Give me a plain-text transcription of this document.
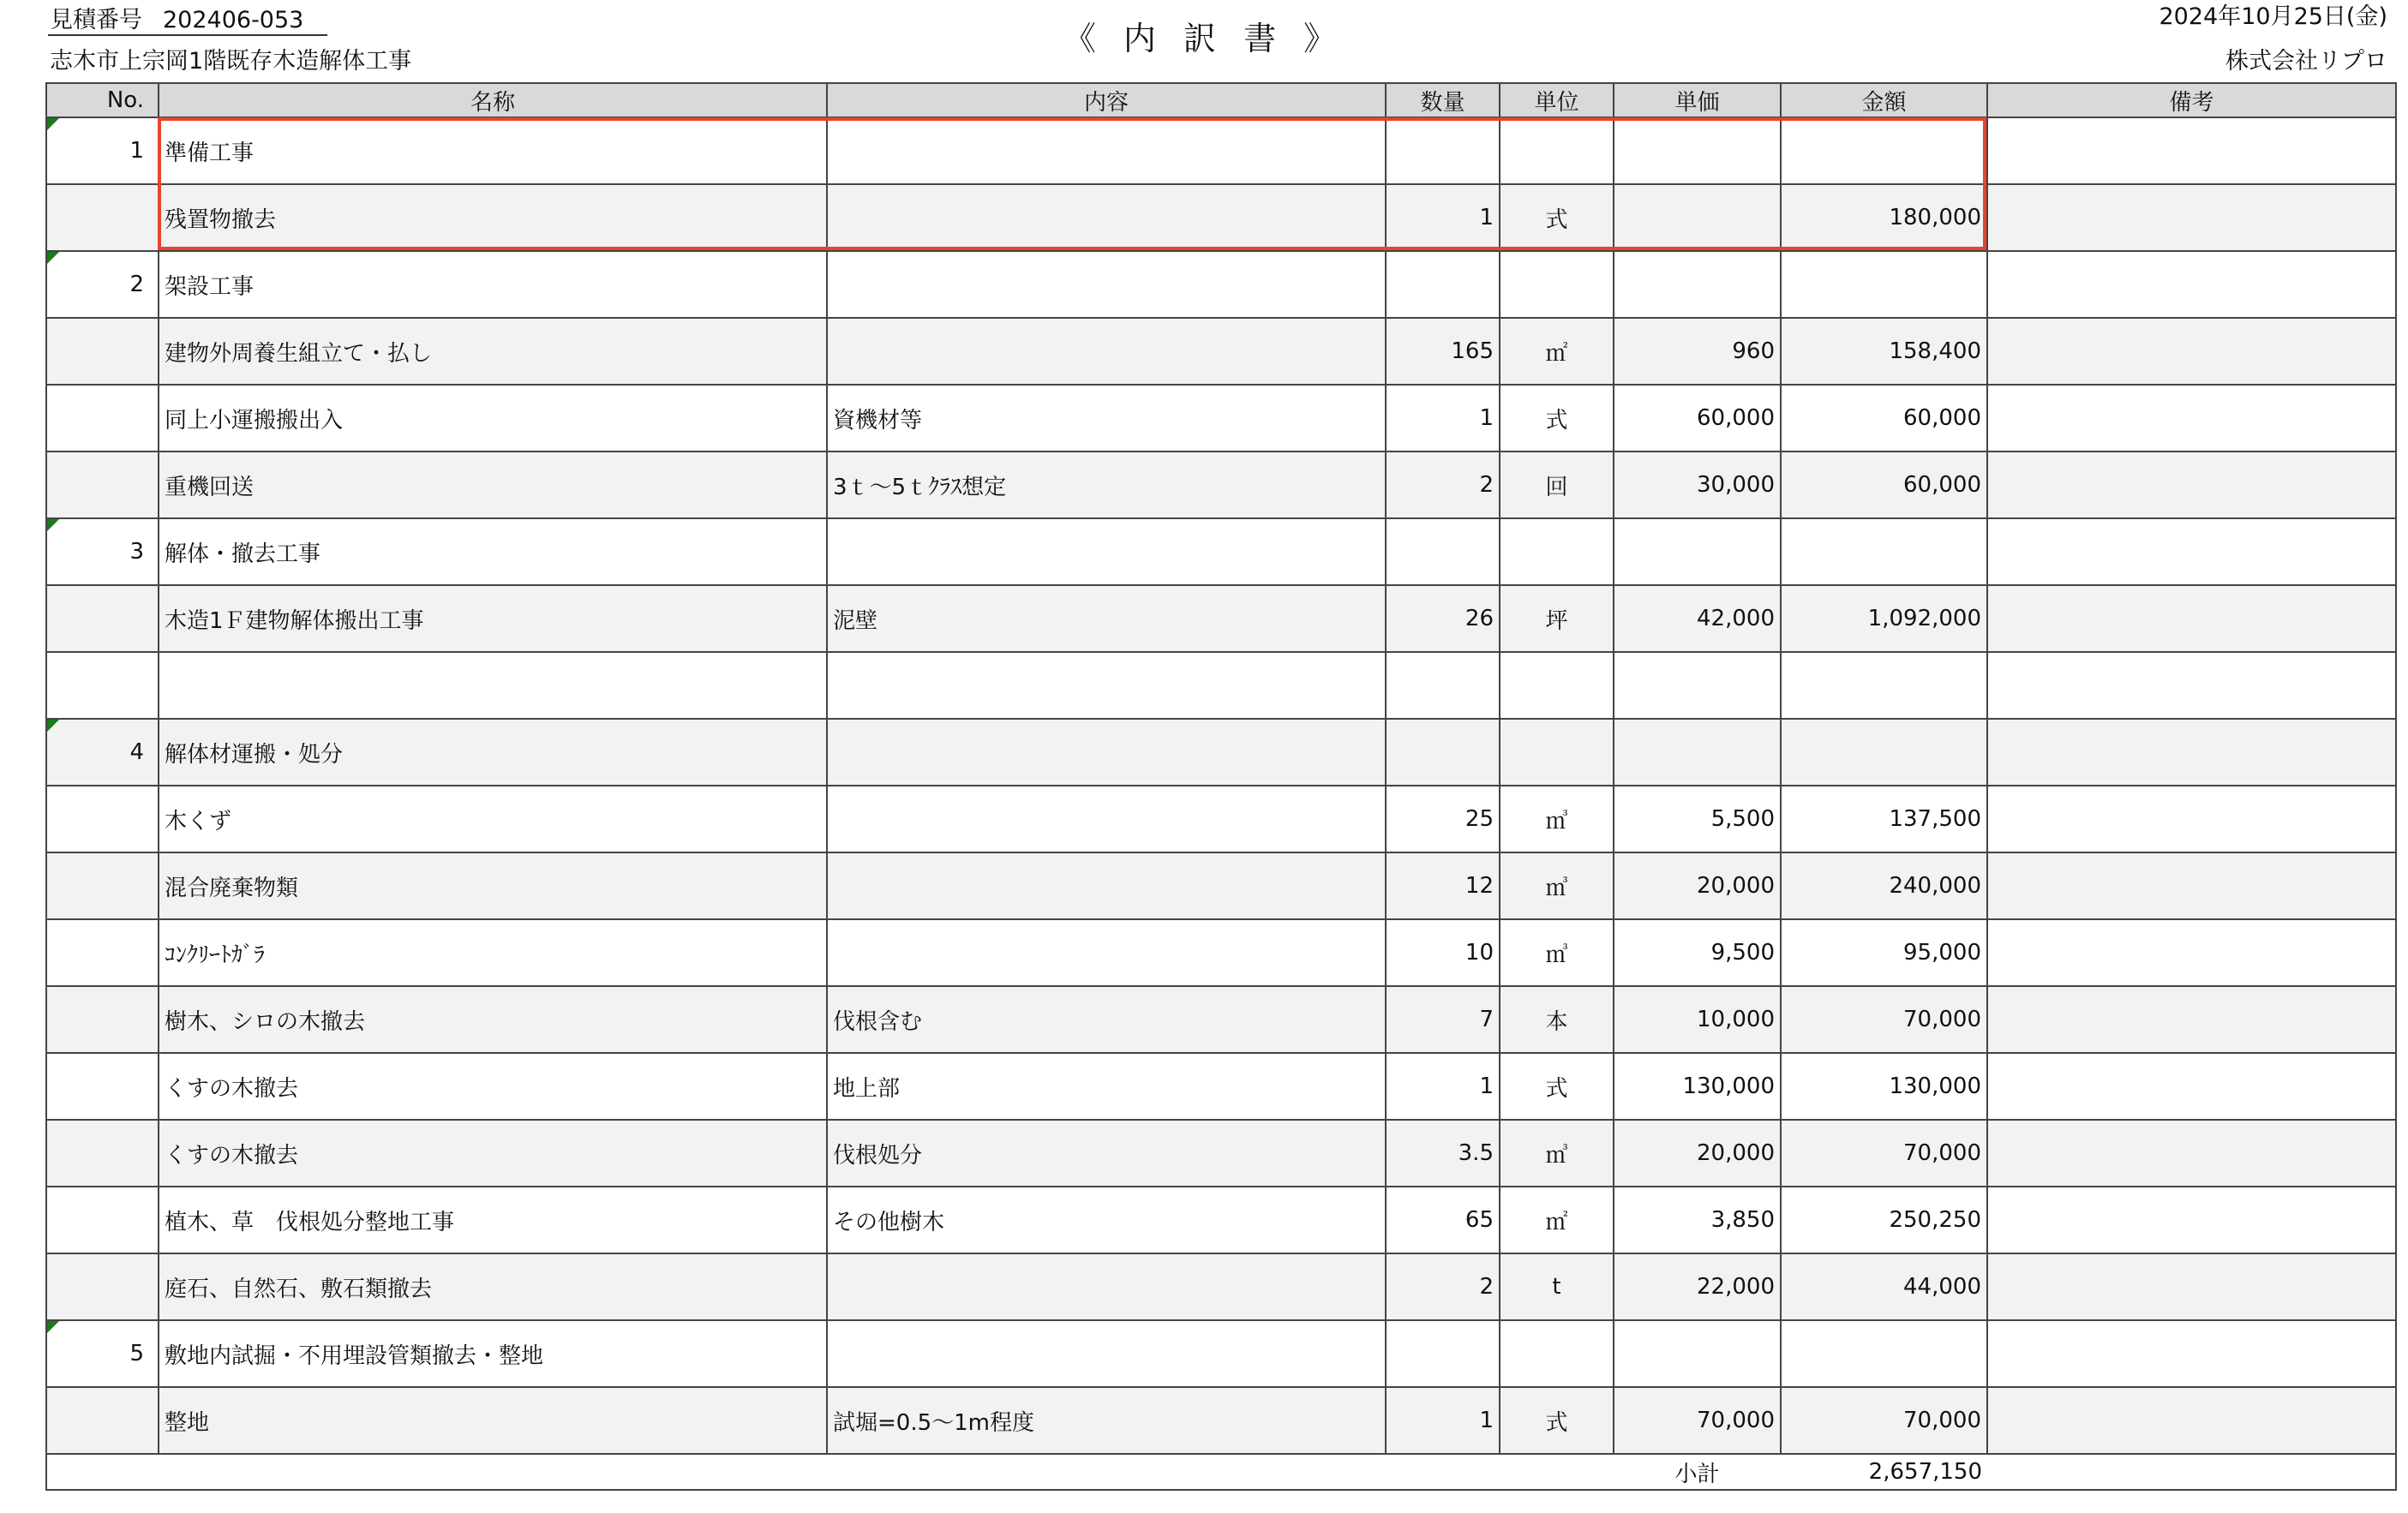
見積番号 202406-053	《 内 訳 書 》
2024年10月25日(金)
志木市上宗岡1階既存木造解体工事	株式会社リプロ
No.	名称	内容	数量	単位	単価	金額	備考

1	準備工事						
	残置物撤去		1	式		180,000	

2	架設工事						
	建物外周養生組立て・払し		165	㎡	960	158,400	
	同上小運搬搬出入	資機材等	1	式	60,000	60,000	
	重機回送	3ｔ～5ｔｸﾗｽ想定	2	回	30,000	60,000	

3	解体・撤去工事						
	木造1Ｆ建物解体搬出工事	泥壁	26	坪	42,000	1,092,000	

4	解体材運搬・処分						
	木くず		25	㎥	5,500	137,500	
	混合廃棄物類		12	㎥	20,000	240,000	
	ｺﾝｸﾘｰﾄｶﾞﾗ		10	㎥	9,500	95,000	
	樹木、シロの木撤去	伐根含む	7	本	10,000	70,000	
	くすの木撤去	地上部	1	式	130,000	130,000	
	くすの木撤去	伐根処分	3.5	㎥	20,000	70,000	
	植木、草　伐根処分整地工事	その他樹木	65	㎡	3,850	250,250	
	庭石、自然石、敷石類撤去		2	t	22,000	44,000	

5	敷地内試掘・不用埋設管類撤去・整地						
	整地	試堀=0.5～1m程度	1	式	70,000	70,000	
					小計	2,657,150	
